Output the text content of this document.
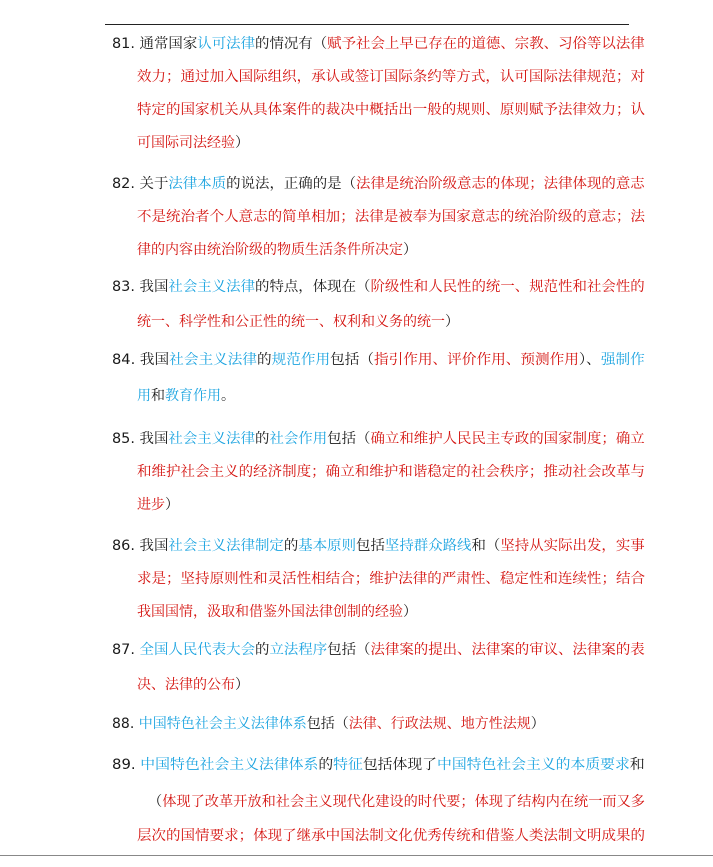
81. 通常国家认可法律的情况有（赋予社会上早已存在的道德、宗教、习俗等以法律
效力；通过加入国际组织，承认或签订国际条约等方式，认可国际法律规范；对
特定的国家机关从具体案件的裁决中概括出一般的规则、原则赋予法律效力；认
可国际司法经验）
82. 关于法律本质的说法，正确的是（法律是统治阶级意志的体现；法律体现的意志
不是统治者个人意志的简单相加；法律是被奉为国家意志的统治阶级的意志；法
律的内容由统治阶级的物质生活条件所决定）
83. 我国社会主义法律的特点，体现在（阶级性和人民性的统一、规范性和社会性的
统一、科学性和公正性的统一、权利和义务的统一）
84. 我国社会主义法律的规范作用包括（指引作用、评价作用、预测作用）、强制作
用和教育作用。
85. 我国社会主义法律的社会作用包括（确立和维护人民民主专政的国家制度；确立
和维护社会主义的经济制度；确立和维护和谐稳定的社会秩序；推动社会改革与
进步）
86. 我国社会主义法律制定的基本原则包括坚持群众路线和（坚持从实际出发，实事
求是；坚持原则性和灵活性相结合；维护法律的严肃性、稳定性和连续性；结合
我国国情，汲取和借鉴外国法律创制的经验）
87. 全国人民代表大会的立法程序包括（法律案的提出、法律案的审议、法律案的表
决、法律的公布）
88. 中国特色社会主义法律体系包括（法律、行政法规、地方性法规）
89. 中国特色社会主义法律体系的特征包括体现了中国特色社会主义的本质要求和
（体现了改革开放和社会主义现代化建设的时代要；体现了结构内在统一而又多
层次的国情要求；体现了继承中国法制文化优秀传统和借鉴人类法制文明成果的
